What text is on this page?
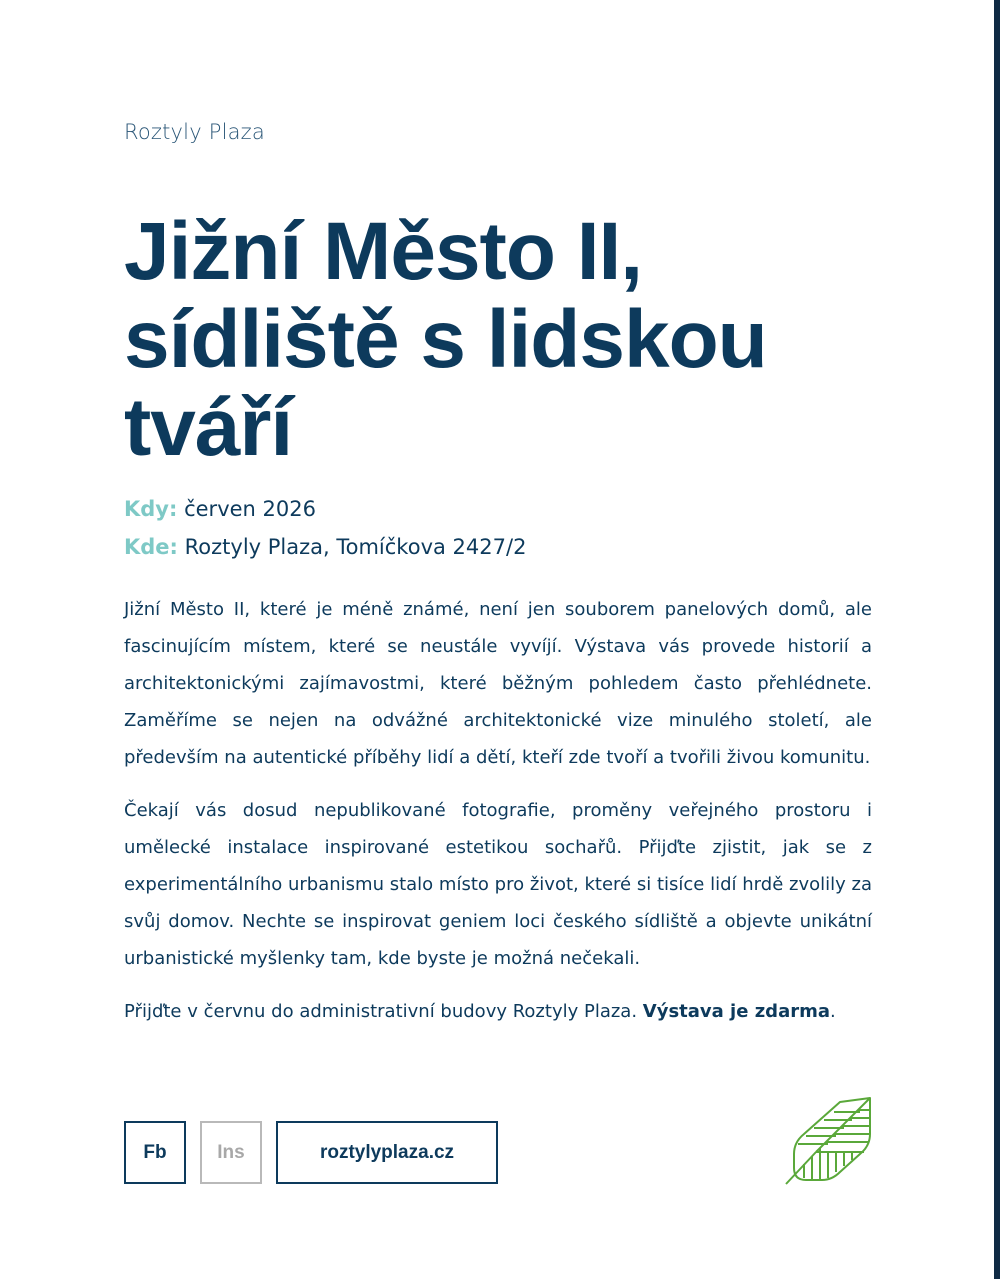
Roztyly Plaza
Jižní Město II,
sídliště s lidskou
tváří
Kdy: červen 2026
Kde: Roztyly Plaza, Tomíčkova 2427/2

Jižní Město II, které je méně známé, není jen souborem panelových domů, ale fascinujícím místem, které se neustále vyvíjí. Výstava vás provede historií a architektonickými zajímavostmi, které běžným pohledem často přehlédnete. Zaměříme se nejen na odvážné architektonické vize minulého století, ale především na autentické příběhy lidí a dětí, kteří zde tvoří a tvořili živou komunitu.

Čekají vás dosud nepublikované fotografie, proměny veřejného prostoru i umělecké instalace inspirované estetikou sochařů. Přijďte zjistit, jak se z experimentálního urbanismu stalo místo pro život, které si tisíce lidí hrdě zvolily za svůj domov. Nechte se inspirovat geniem loci českého sídliště a objevte unikátní urbanistické myšlenky tam, kde byste je možná nečekali.

Přijďte v červnu do administrativní budovy Roztyly Plaza. Výstava je zdarma.

Fb	Ins	roztylyplaza.cz
